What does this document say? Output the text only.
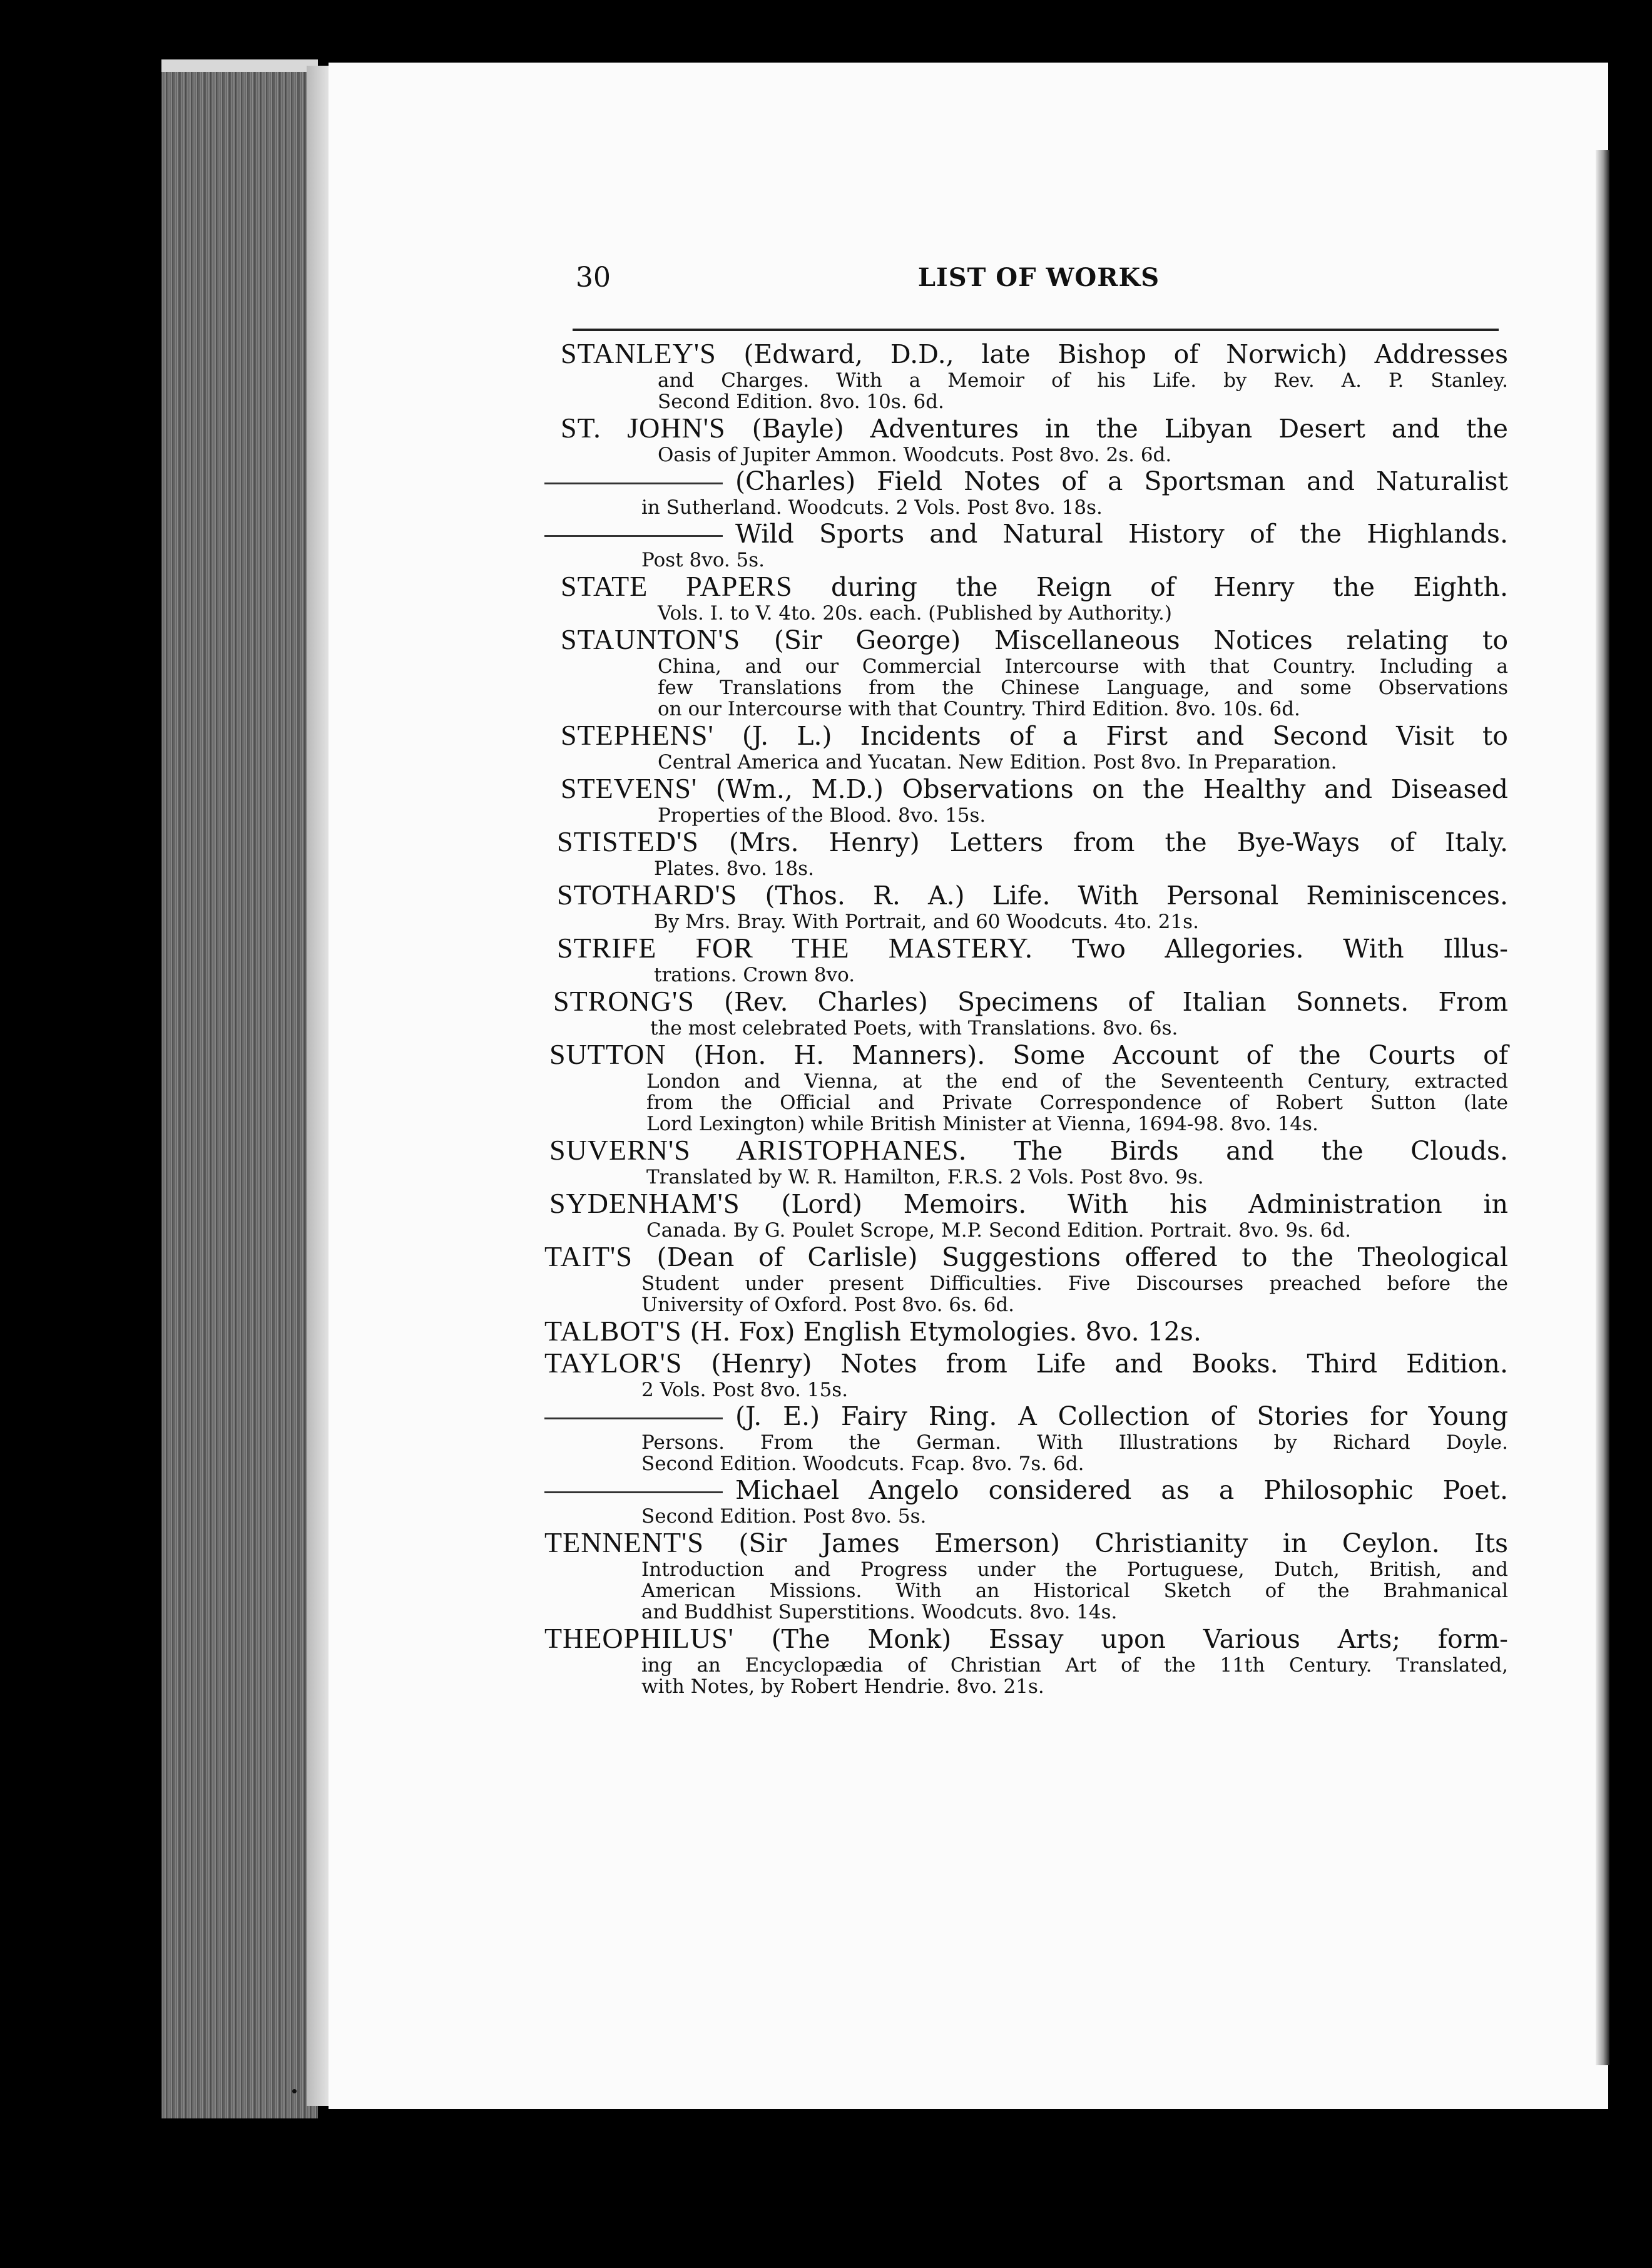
30	LIST OF WORKS
STANLEY'S (Edward, D.D., late Bishop of Norwich) Addresses
and Charges. With a Memoir of his Life. by Rev. A. P. Stanley.
Second Edition. 8vo. 10s. 6d.
ST. JOHN'S (Bayle) Adventures in the Libyan Desert and the
Oasis of Jupiter Ammon. Woodcuts. Post 8vo. 2s. 6d.
(Charles) Field Notes of a Sportsman and Naturalist
in Sutherland. Woodcuts. 2 Vols. Post 8vo. 18s.
Wild Sports and Natural History of the Highlands.
Post 8vo. 5s.
STATE PAPERS during the Reign of Henry the Eighth.
Vols. I. to V. 4to. 20s. each. (Published by Authority.)
STAUNTON'S (Sir George) Miscellaneous Notices relating to
China, and our Commercial Intercourse with that Country. Including a
few Translations from the Chinese Language, and some Observations
on our Intercourse with that Country. Third Edition. 8vo. 10s. 6d.
STEPHENS' (J. L.) Incidents of a First and Second Visit to
Central America and Yucatan. New Edition. Post 8vo. In Preparation.
STEVENS' (Wm., M.D.) Observations on the Healthy and Diseased
Properties of the Blood. 8vo. 15s.
STISTED'S (Mrs. Henry) Letters from the Bye-Ways of Italy.
Plates. 8vo. 18s.
STOTHARD'S (Thos. R. A.) Life. With Personal Reminiscences.
By Mrs. Bray. With Portrait, and 60 Woodcuts. 4to. 21s.
STRIFE FOR THE MASTERY. Two Allegories. With Illus-
trations. Crown 8vo.
STRONG'S (Rev. Charles) Specimens of Italian Sonnets. From
the most celebrated Poets, with Translations. 8vo. 6s.
SUTTON (Hon. H. Manners). Some Account of the Courts of
London and Vienna, at the end of the Seventeenth Century, extracted
from the Official and Private Correspondence of Robert Sutton (late
Lord Lexington) while British Minister at Vienna, 1694-98. 8vo. 14s.
SUVERN'S ARISTOPHANES. The Birds and the Clouds.
Translated by W. R. Hamilton, F.R.S. 2 Vols. Post 8vo. 9s.
SYDENHAM'S (Lord) Memoirs. With his Administration in
Canada. By G. Poulet Scrope, M.P. Second Edition. Portrait. 8vo. 9s. 6d.
TAIT'S (Dean of Carlisle) Suggestions offered to the Theological
Student under present Difficulties. Five Discourses preached before the
University of Oxford. Post 8vo. 6s. 6d.
TALBOT'S (H. Fox) English Etymologies. 8vo. 12s.
TAYLOR'S (Henry) Notes from Life and Books. Third Edition.
2 Vols. Post 8vo. 15s.
(J. E.) Fairy Ring. A Collection of Stories for Young
Persons. From the German. With Illustrations by Richard Doyle.
Second Edition. Woodcuts. Fcap. 8vo. 7s. 6d.
Michael Angelo considered as a Philosophic Poet.
Second Edition. Post 8vo. 5s.
TENNENT'S (Sir James Emerson) Christianity in Ceylon. Its
Introduction and Progress under the Portuguese, Dutch, British, and
American Missions. With an Historical Sketch of the Brahmanical
and Buddhist Superstitions. Woodcuts. 8vo. 14s.
THEOPHILUS' (The Monk) Essay upon Various Arts; form-
ing an Encyclopædia of Christian Art of the 11th Century. Translated,
with Notes, by Robert Hendrie. 8vo. 21s.
